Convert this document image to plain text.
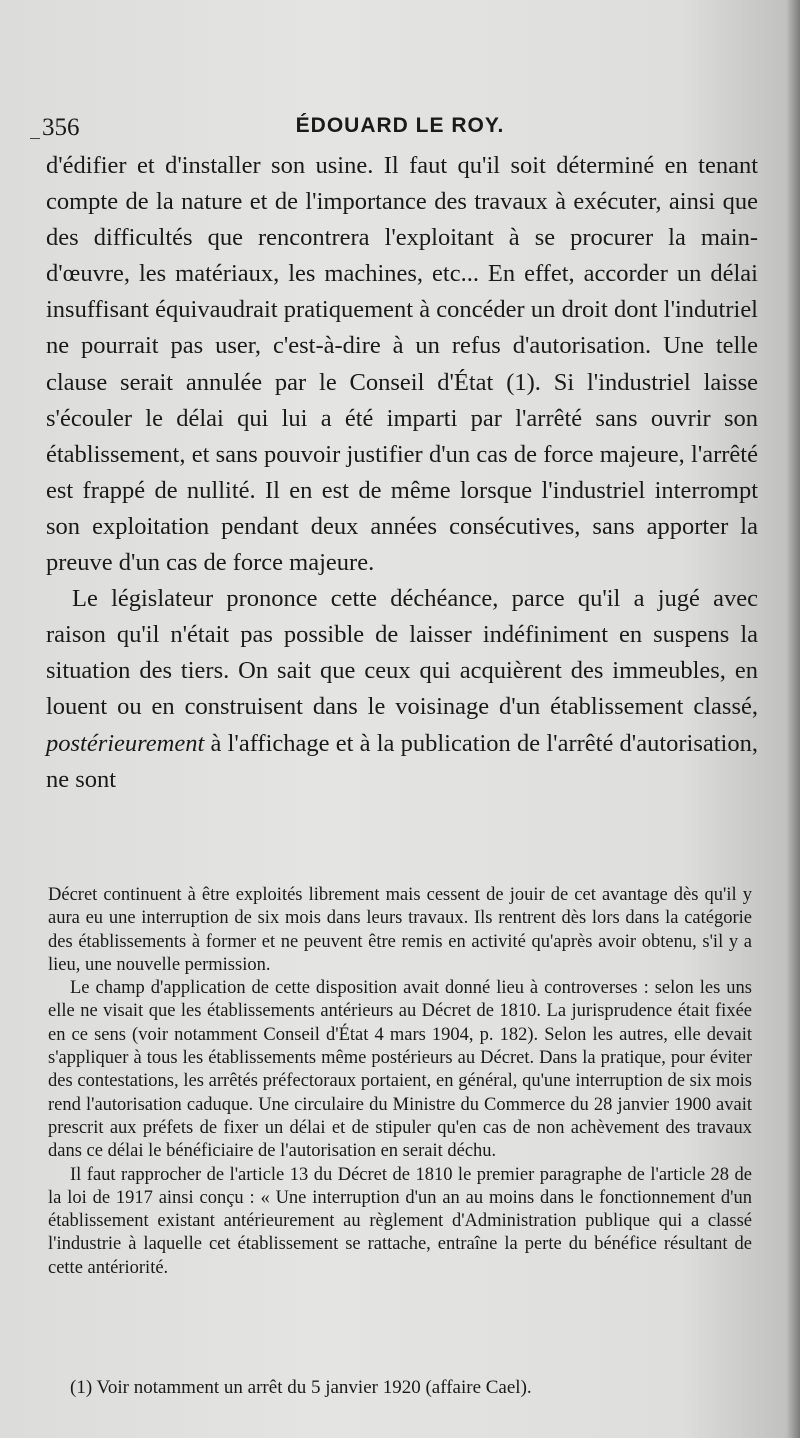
356	ÉDOUARD LE ROY.

d'édifier et d'installer son usine. Il faut qu'il soit déterminé en tenant compte de la nature et de l'importance des travaux à exécuter, ainsi que des difficultés que rencontrera l'exploitant à se procurer la main-d'œuvre, les matériaux, les machines, etc... En effet, accorder un délai insuffisant équivaudrait pratiquement à concéder un droit dont l'indutriel ne pourrait pas user, c'est-à-dire à un refus d'autorisation. Une telle clause serait annulée par le Conseil d'État (1). Si l'industriel laisse s'écouler le délai qui lui a été imparti par l'arrêté sans ouvrir son établissement, et sans pouvoir justifier d'un cas de force majeure, l'arrêté est frappé de nullité. Il en est de même lorsque l'industriel interrompt son exploitation pendant deux années consécutives, sans apporter la preuve d'un cas de force majeure.

Le législateur prononce cette déchéance, parce qu'il a jugé avec raison qu'il n'était pas possible de laisser indéfiniment en suspens la situation des tiers. On sait que ceux qui acquièrent des immeubles, en louent ou en construisent dans le voisinage d'un établissement classé, postérieurement à l'affichage et à la publication de l'arrêté d'autorisation, ne sont

Décret continuent à être exploités librement mais cessent de jouir de cet avantage dès qu'il y aura eu une interruption de six mois dans leurs travaux. Ils rentrent dès lors dans la catégorie des établissements à former et ne peuvent être remis en activité qu'après avoir obtenu, s'il y a lieu, une nouvelle permission.

Le champ d'application de cette disposition avait donné lieu à controverses : selon les uns elle ne visait que les établissements antérieurs au Décret de 1810. La jurisprudence était fixée en ce sens (voir notamment Conseil d'État 4 mars 1904, p. 182). Selon les autres, elle devait s'appliquer à tous les établissements même postérieurs au Décret. Dans la pratique, pour éviter des contestations, les arrêtés préfectoraux portaient, en général, qu'une interruption de six mois rend l'autorisation caduque. Une circulaire du Ministre du Commerce du 28 janvier 1900 avait prescrit aux préfets de fixer un délai et de stipuler qu'en cas de non achèvement des travaux dans ce délai le bénéficiaire de l'autorisation en serait déchu.

Il faut rapprocher de l'article 13 du Décret de 1810 le premier paragraphe de l'article 28 de la loi de 1917 ainsi conçu : « Une interruption d'un an au moins dans le fonctionnement d'un établissement existant antérieurement au règlement d'Administration publique qui a classé l'industrie à laquelle cet établissement se rattache, entraîne la perte du bénéfice résultant de cette antériorité.

(1) Voir notamment un arrêt du 5 janvier 1920 (affaire Cael).
